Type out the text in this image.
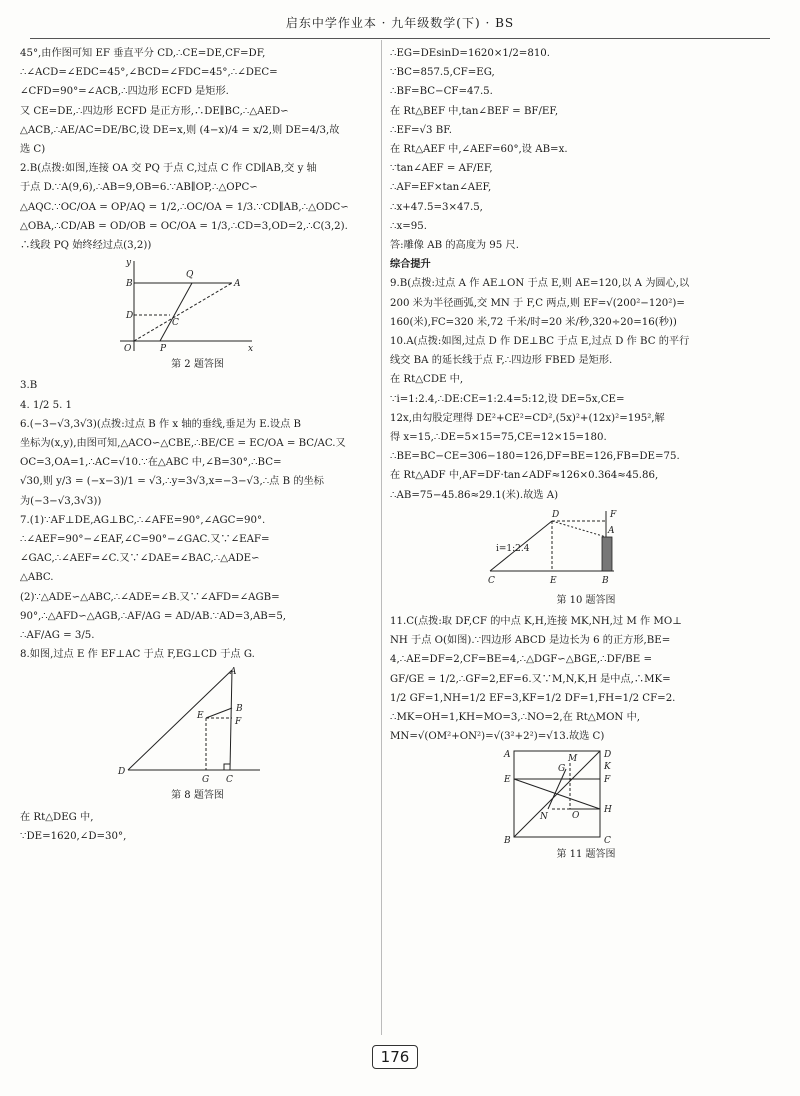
启东中学作业本 · 九年级数学(下) · BS

45°,由作图可知 EF 垂直平分 CD,∴CE=DE,CF=DF,

∴∠ACD=∠EDC=45°,∠BCD=∠FDC=45°,∴∠DEC=

∠CFD=90°=∠ACB,∴四边形 ECFD 是矩形.

又 CE=DE,∴四边形 ECFD 是正方形,∴DE∥BC,∴△AED∽

△ACB,∴AE/AC=DE/BC,设 DE=x,则 (4−x)/4 = x/2,则 DE=4/3,故

选 C)

2.B(点拨:如图,连接 OA 交 PQ 于点 C,过点 C 作 CD∥AB,交 y 轴

于点 D.∵A(9,6),∴AB=9,OB=6.∵AB∥OP,∴△OPC∽

△AQC.∵OC/OA = OP/AQ = 1/2,∴OC/OA = 1/3.∵CD∥AB,∴△ODC∽

△OBA,∴CD/AB = OD/OB = OC/OA = 1/3,∴CD=3,OD=2,∴C(3,2).

∴线段 PQ 始终经过点(3,2))

y
B
Q
A
D
C
O	P	x
第 2 题答图

3.B

4. 1/2 5. 1

6.(−3−√3,3√3)(点拨:过点 B 作 x 轴的垂线,垂足为 E.设点 B

坐标为(x,y),由图可知,△ACO∽△CBE,∴BE/CE = EC/OA = BC/AC.又

OC=3,OA=1,∴AC=√10.∵在△ABC 中,∠B=30°,∴BC=

√30,则 y/3 = (−x−3)/1 = √3,∴y=3√3,x=−3−√3,∴点 B 的坐标

为(−3−√3,3√3))

7.(1)∵AF⊥DE,AG⊥BC,∴∠AFE=90°,∠AGC=90°.

∴∠AEF=90°−∠EAF,∠C=90°−∠GAC.又∵∠EAF=

∠GAC,∴∠AEF=∠C.又∵∠DAE=∠BAC,∴△ADE∽

△ABC.

(2)∵△ADE∽△ABC,∴∠ADE=∠B.又∵∠AFD=∠AGB=

90°,∴△AFD∽△AGB,∴AF/AG = AD/AB.∵AD=3,AB=5,

∴AF/AG = 3/5.

8.如图,过点 E 作 EF⊥AC 于点 F,EG⊥CD 于点 G.

D
A
B
E
F
G C
第 8 题答图

在 Rt△DEG 中,

∵DE=1620,∠D=30°,

∴EG=DEsinD=1620×1/2=810.

∵BC=857.5,CF=EG,

∴BF=BC−CF=47.5.

在 Rt△BEF 中,tan∠BEF = BF/EF,

∴EF=√3 BF.

在 Rt△AEF 中,∠AEF=60°,设 AB=x.

∵tan∠AEF = AF/EF,

∴AF=EF×tan∠AEF,

∴x+47.5=3×47.5,

∴x=95.

答:雕像 AB 的高度为 95 尺.

综合提升

9.B(点拨:过点 A 作 AE⊥ON 于点 E,则 AE=120,以 A 为圆心,以

200 米为半径画弧,交 MN 于 F,C 两点,则 EF=√(200²−120²)=

160(米),FC=320 米,72 千米/时=20 米/秒,320÷20=16(秒))

10.A(点拨:如图,过点 D 作 DE⊥BC 于点 E,过点 D 作 BC 的平行

线交 BA 的延长线于点 F,∴四边形 FBED 是矩形.

在 Rt△CDE 中,

∵i=1:2.4,∴DE:CE=1:2.4=5:12,设 DE=5x,CE=

12x,由勾股定理得 DE²+CE²=CD²,(5x)²+(12x)²=195²,解

得 x=15,∴DE=5×15=75,CE=12×15=180.

∴BE=BC−CE=306−180=126,DF=BE=126,FB=DE=75.

在 Rt△ADF 中,AF=DF·tan∠ADF≈126×0.364≈45.86,

∴AB=75−45.86≈29.1(米).故选 A)

i=1:2.4
D	F
A
C	E	B
第 10 题答图

11.C(点拨:取 DF,CF 的中点 K,H,连接 MK,NH,过 M 作 MO⊥

NH 于点 O(如图).∵四边形 ABCD 是边长为 6 的正方形,BE=

4,∴AE=DF=2,CF=BE=4,∴△DGF∽△BGE,∴DF/BE =

GF/GE = 1/2,∴GF=2,EF=6.又∵M,N,K,H 是中点,∴MK=

1/2 GF=1,NH=1/2 EF=3,KF=1/2 DF=1,FH=1/2 CF=2.

∴MK=OH=1,KH=MO=3,∴NO=2,在 Rt△MON 中,

MN=√(OM²+ON²)=√(3²+2²)=√13.故选 C)

A	D
K
F
E
G
M
H
N	O
B	C
第 11 题答图
176
